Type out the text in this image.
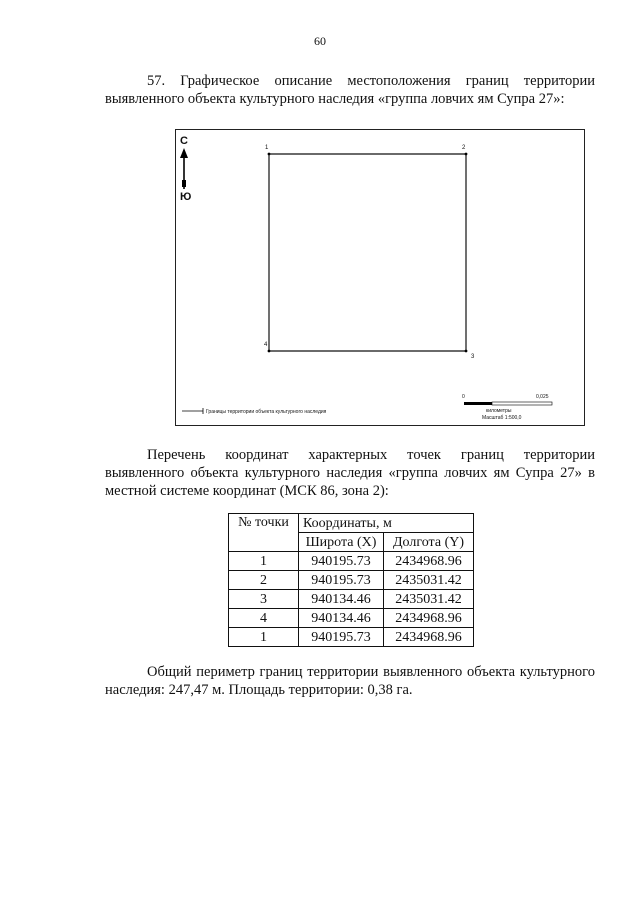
60
57. Графическое описание местоположения границ территории выявленного объекта культурного наследия «группа ловчих ям Супра 27»:
С
Ю
1	2
3
4
Границы территории объекта культурного наследия
0	0,025
километры
Масштаб 1:500,0
Перечень координат характерных точек границ территории выявленного объекта культурного наследия «группа ловчих ям Супра 27» в местной системе координат (МСК 86, зона 2):
№ точки	Координаты, м	
	Широта (X)	Долгота (Y)
1	940195.73	2434968.96
2	940195.73	2435031.42
3	940134.46	2435031.42
4	940134.46	2434968.96
1	940195.73	2434968.96
Общий периметр границ территории выявленного объекта культурного наследия: 247,47 м. Площадь территории: 0,38 га.
